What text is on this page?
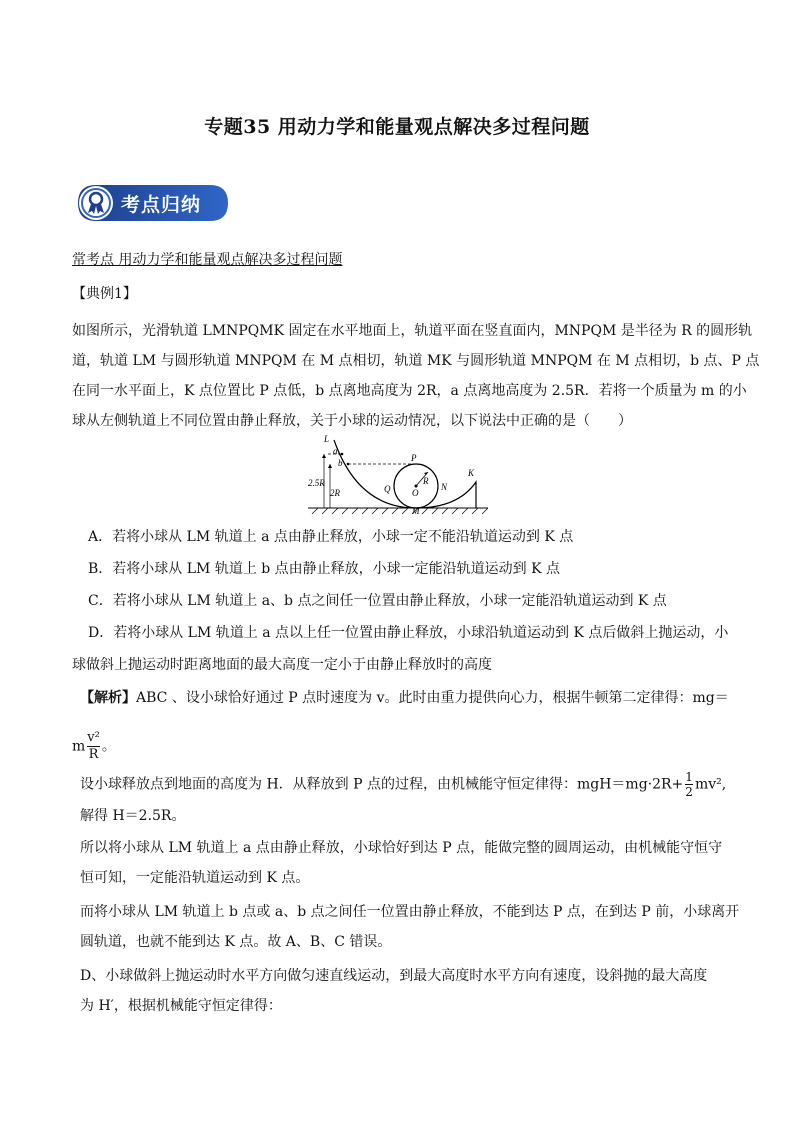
专题35 用动力学和能量观点解决多过程问题
考点归纳
常考点 用动力学和能量观点解决多过程问题
【典例1】
如图所示，光滑轨道 LMNPQMK 固定在水平地面上，轨道平面在竖直面内，MNPQM 是半径为 R 的圆形轨
道，轨道 LM 与圆形轨道 MNPQM 在 M 点相切，轨道 MK 与圆形轨道 MNPQM 在 M 点相切，b 点、P 点
在同一水平面上，K 点位置比 P 点低，b 点离地高度为 2R，a 点离地高度为 2.5R．若将一个质量为 m 的小
球从左侧轨道上不同位置由静止释放，关于小球的运动情况，以下说法中正确的是（　　）
L
a
b
2.5R
2R
P
Q
R
O
N
M
K
A．若将小球从 LM 轨道上 a 点由静止释放，小球一定不能沿轨道运动到 K 点
B．若将小球从 LM 轨道上 b 点由静止释放，小球一定能沿轨道运动到 K 点
C．若将小球从 LM 轨道上 a、b 点之间任一位置由静止释放，小球一定能沿轨道运动到 K 点
D．若将小球从 LM 轨道上 a 点以上任一位置由静止释放，小球沿轨道运动到 K 点后做斜上抛运动，小
球做斜上抛运动时距离地面的最大高度一定小于由静止释放时的高度
【解析】ABC 、设小球恰好通过 P 点时速度为 v。此时由重力提供向心力，根据牛顿第二定律得：mg＝
m $\frac{\text{v²}}{R}$ 。
设小球释放点到地面的高度为 H．从释放到 P 点的过程，由机械能守恒定律得：$mgH=mg\cdot 2R+ \frac{1}{2} mv^2$,
解得 H＝2.5R。
所以将小球从 LM 轨道上 a 点由静止释放，小球恰好到达 P 点，能做完整的圆周运动，由机械能守恒守
恒可知，一定能沿轨道运动到 K 点。
而将小球从 LM 轨道上 b 点或 a、b 点之间任一位置由静止释放，不能到达 P 点，在到达 P 前，小球离开
圆轨道，也就不能到达 K 点。故 A、B、C 错误。
D、小球做斜上抛运动时水平方向做匀速直线运动，到最大高度时水平方向有速度，设斜抛的最大高度
为 H′，根据机械能守恒定律得：
